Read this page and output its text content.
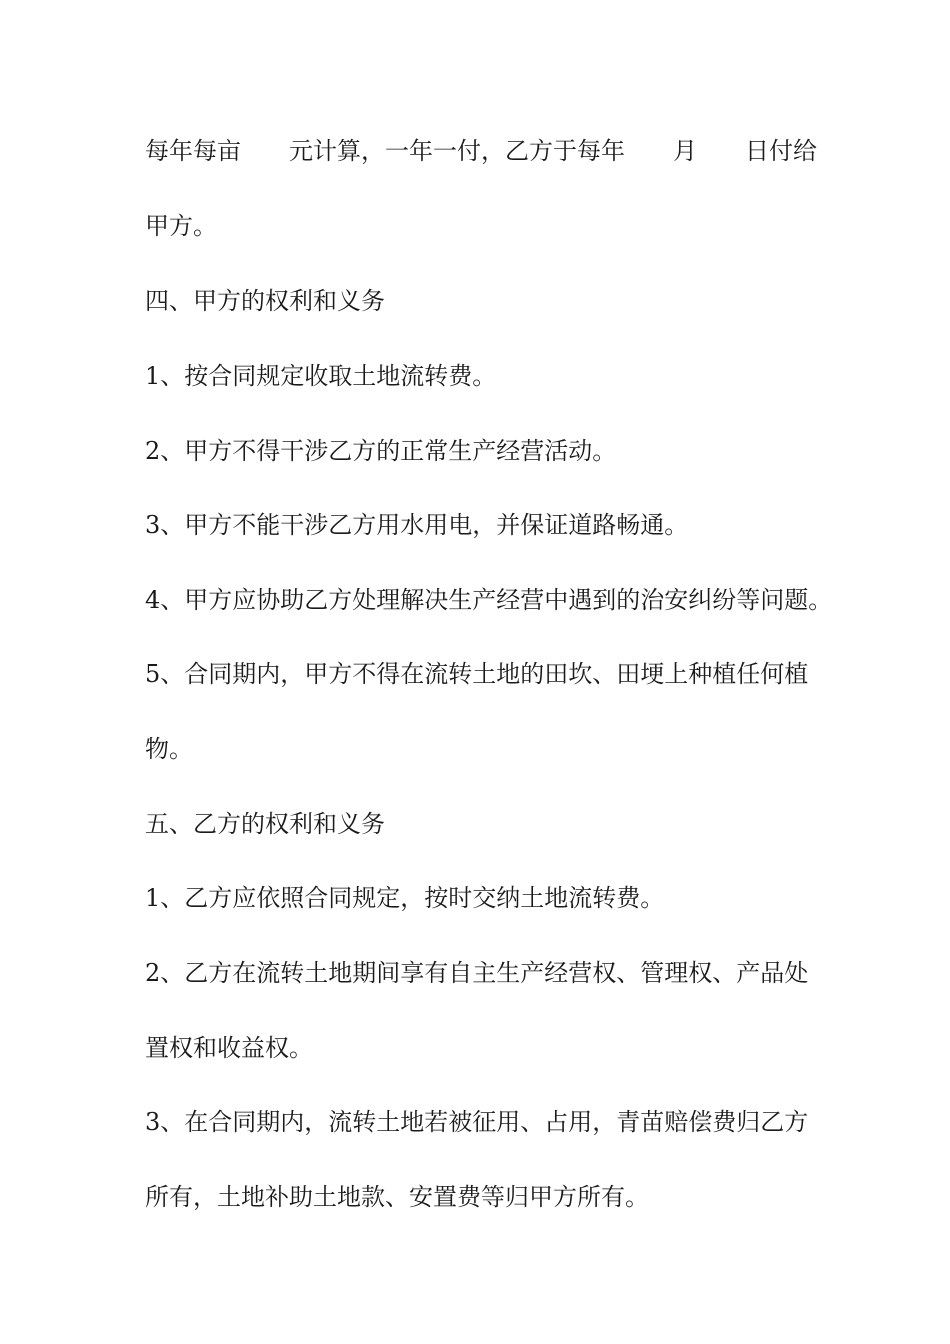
每年每亩　　元计算，一年一付，乙方于每年　　月　　日付给

甲方。

四、甲方的权利和义务

1、按合同规定收取土地流转费。

2、甲方不得干涉乙方的正常生产经营活动。

3、甲方不能干涉乙方用水用电，并保证道路畅通。

4、甲方应协助乙方处理解决生产经营中遇到的治安纠纷等问题。

5、合同期内，甲方不得在流转土地的田坎、田埂上种植任何植

物。

五、乙方的权利和义务

1、乙方应依照合同规定，按时交纳土地流转费。

2、乙方在流转土地期间享有自主生产经营权、管理权、产品处

置权和收益权。

3、在合同期内，流转土地若被征用、占用，青苗赔偿费归乙方

所有，土地补助土地款、安置费等归甲方所有。
